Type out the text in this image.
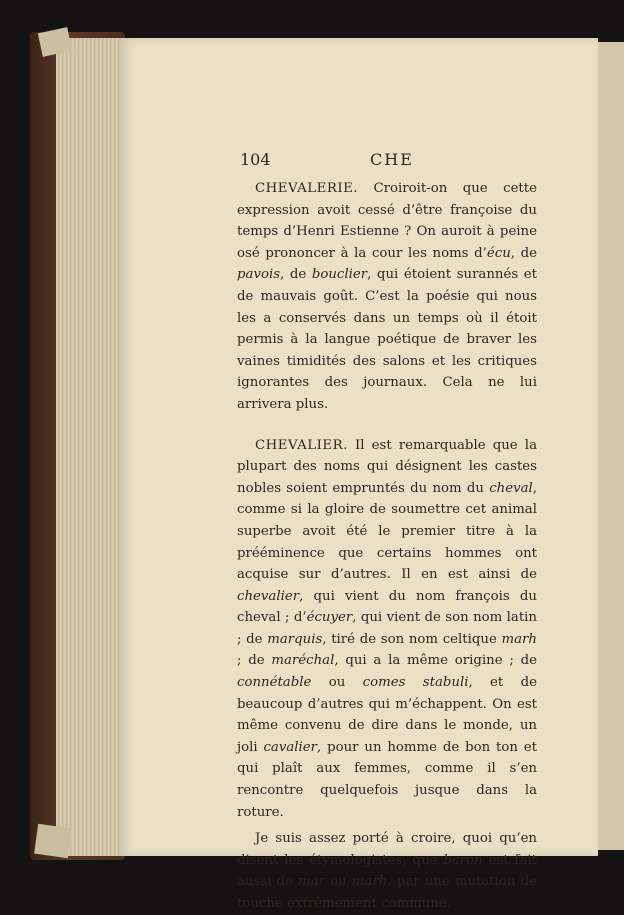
104	CHE

CHEVALERIE. Croiroit-on que cette expression avoit cessé d’être françoise du temps d’Henri Estienne ? On auroit à peine osé prononcer à la cour les noms d’écu, de pavois, de bouclier, qui étoient surannés et de mauvais goût. C’est la poésie qui nous les a conservés dans un temps où il étoit permis à la langue poétique de braver les vaines timidités des salons et les critiques ignorantes des journaux. Cela ne lui arrivera plus.

CHEVALIER. Il est remarquable que la plupart des noms qui désignent les castes nobles soient empruntés du nom du cheval, comme si la gloire de soumettre cet animal superbe avoit été le premier titre à la prééminence que certains hommes ont acquise sur d’autres. Il en est ainsi de chevalier, qui vient du nom françois du cheval ; d’écuyer, qui vient de son nom latin ; de marquis, tiré de son nom celtique marh ; de maréchal, qui a la même origine ; de connétable ou comes stabuli, et de beaucoup d’autres qui m’échappent. On est même convenu de dire dans le monde, un joli cavalier, pour un homme de bon ton et qui plaît aux femmes, comme il s’en rencontre quelquefois jusque dans la roture.

Je suis assez porté à croire, quoi qu’en disent les étymologistes, que baron est fait aussi de mar ou marh, par une mutation de touche extrêmement commune.
